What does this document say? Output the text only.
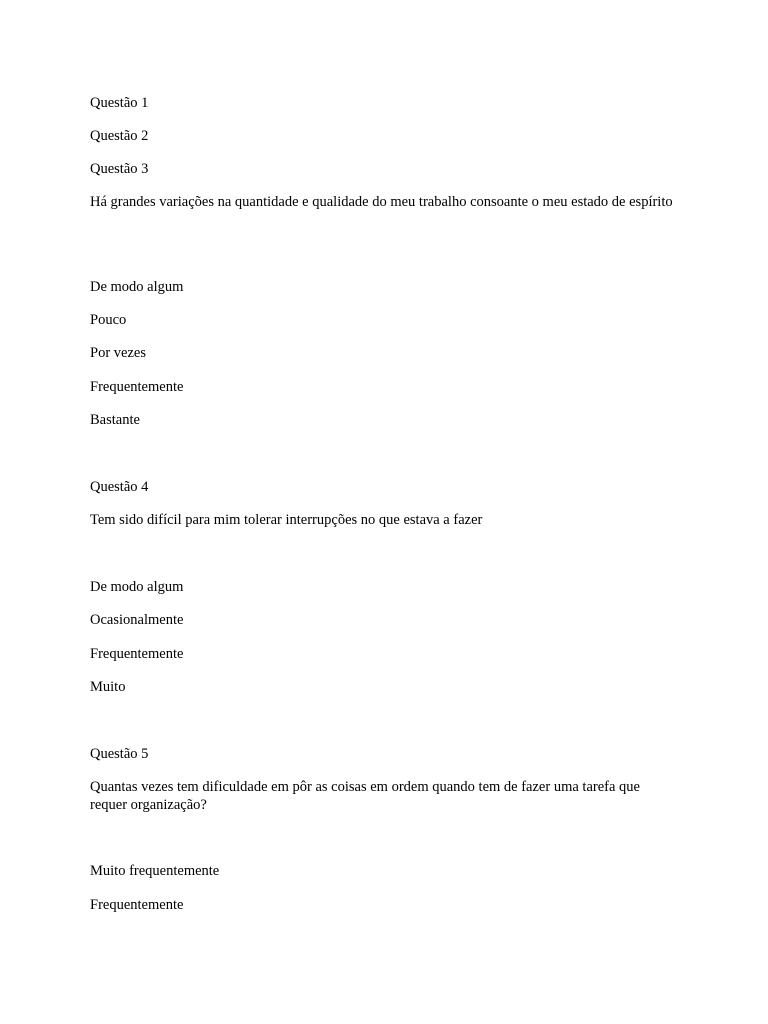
Questão 1
Questão 2
Questão 3
Há grandes variações na quantidade e qualidade do meu trabalho consoante o meu estado de espírito
De modo algum
Pouco
Por vezes
Frequentemente
Bastante
Questão 4
Tem sido difícil para mim tolerar interrupções no que estava a fazer
De modo algum
Ocasionalmente
Frequentemente
Muito
Questão 5
Quantas vezes tem dificuldade em pôr as coisas em ordem quando tem de fazer uma tarefa que requer organização?
Muito frequentemente
Frequentemente
